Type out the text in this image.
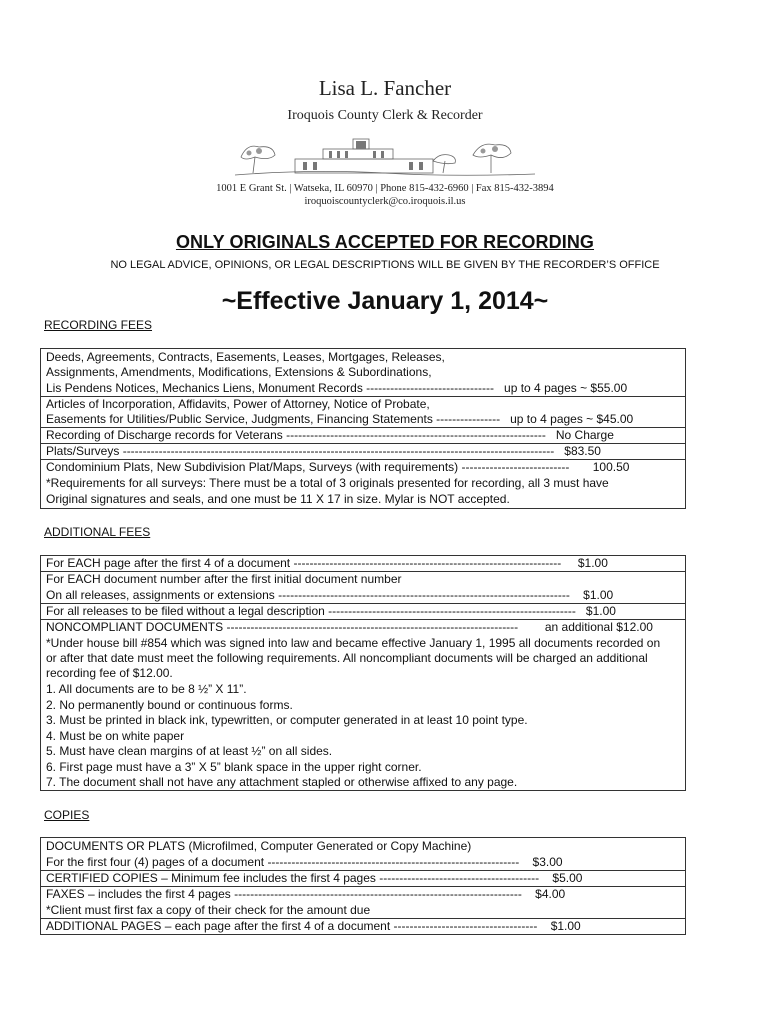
Lisa L. Fancher
Iroquois County Clerk & Recorder
1001 E Grant St. | Watseka, IL 60970 | Phone 815-432-6960 | Fax 815-432-3894
iroquoiscountyclerk@co.iroquois.il.us
ONLY ORIGINALS ACCEPTED FOR RECORDING
NO LEGAL ADVICE, OPINIONS, OR LEGAL DESCRIPTIONS WILL BE GIVEN BY THE RECORDER’S OFFICE
~Effective January 1, 2014~
RECORDING FEES
Deeds, Agreements, Contracts, Easements, Leases, Mortgages, Releases,
Assignments, Amendments, Modifications, Extensions & Subordinations,
Lis Pendens Notices, Mechanics Liens, Monument Records --------------------------------   up to 4 pages ~ $55.00
Articles of Incorporation, Affidavits, Power of Attorney, Notice of Probate,
Easements for Utilities/Public Service, Judgments, Financing Statements ----------------   up to 4 pages ~ $45.00
Recording of Discharge records for Veterans -----------------------------------------------------------------   No Charge
Plats/Surveys ------------------------------------------------------------------------------------------------------------   $83.50
Condominium Plats, New Subdivision Plat/Maps, Surveys (with requirements) ---------------------------       100.50
*Requirements for all surveys: There must be a total of 3 originals presented for recording, all 3 must have
Original signatures and seals, and one must be 11 X 17 in size. Mylar is NOT accepted.
ADDITIONAL FEES
For EACH page after the first 4 of a document -------------------------------------------------------------------     $1.00
For EACH document number after the first initial document number
On all releases, assignments or extensions -------------------------------------------------------------------------    $1.00
For all releases to be filed without a legal description --------------------------------------------------------------   $1.00
NONCOMPLIANT DOCUMENTS -------------------------------------------------------------------------        an additional $12.00
*Under house bill #854 which was signed into law and became effective January 1, 1995 all documents recorded on
or after that date must meet the following requirements. All noncompliant documents will be charged an additional
recording fee of $12.00.
1. All documents are to be 8 ½” X 11”.
2. No permanently bound or continuous forms.
3. Must be printed in black ink, typewritten, or computer generated in at least 10 point type.
4. Must be on white paper
5. Must have clean margins of at least ½” on all sides.
6. First page must have a 3” X 5” blank space in the upper right corner.
7. The document shall not have any attachment stapled or otherwise affixed to any page.
COPIES
DOCUMENTS OR PLATS (Microfilmed, Computer Generated or Copy Machine)
For the first four (4) pages of a document ---------------------------------------------------------------    $3.00
CERTIFIED COPIES – Minimum fee includes the first 4 pages ----------------------------------------    $5.00
FAXES – includes the first 4 pages ------------------------------------------------------------------------    $4.00
*Client must first fax a copy of their check for the amount due
ADDITIONAL PAGES – each page after the first 4 of a document ------------------------------------    $1.00
